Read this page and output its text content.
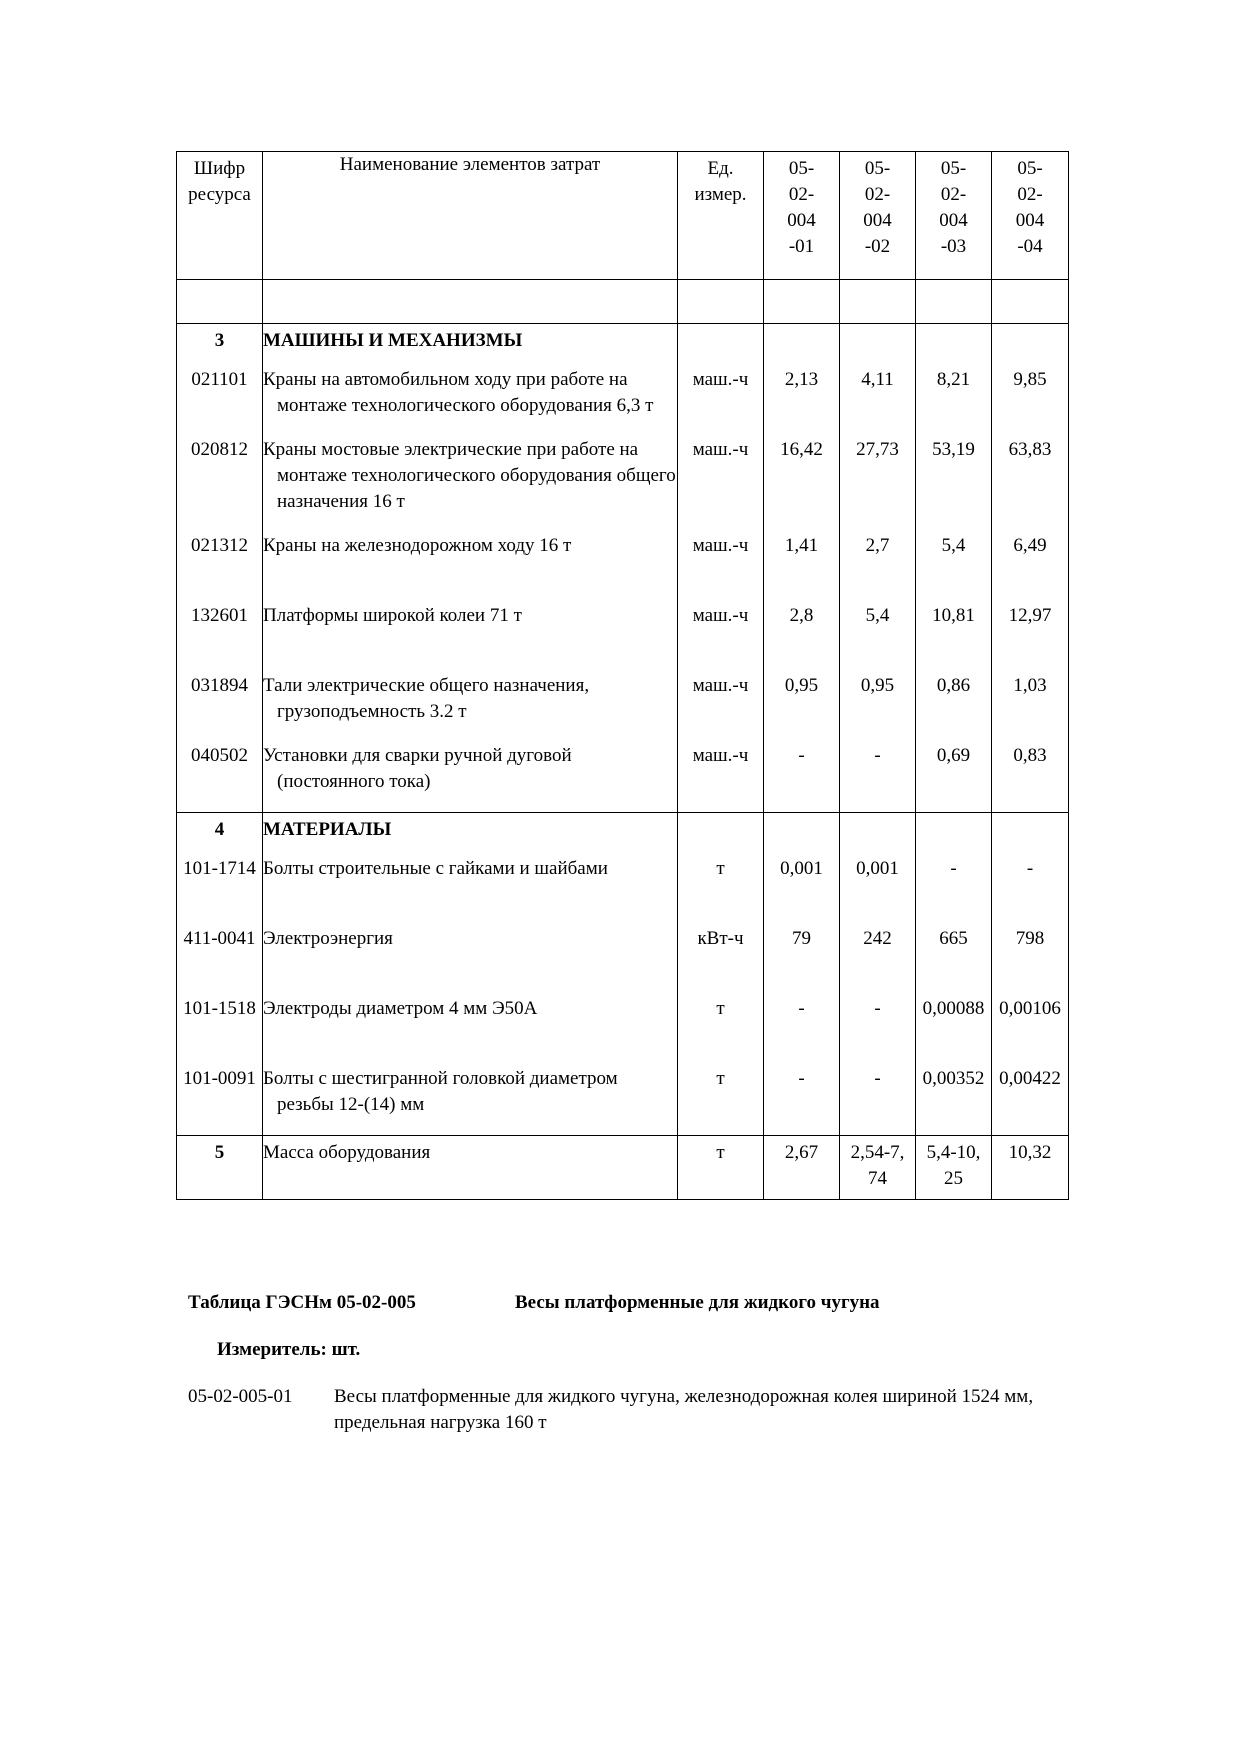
Шифр ресурса	Наименование элементов затрат	Ед. измер.	05-02-004-01	05-02-004-02	05-02-004-03	05-02-004-04

3	МАШИНЫ И МЕХАНИЗМЫ					
021101	Краны на автомобильном ходу при работе на монтаже технологического оборудования 6,3 т	маш.-ч	2,13	4,11	8,21	9,85
020812	Краны мостовые электрические при работе на монтаже технологического оборудования общего назначения 16 т	маш.-ч	16,42	27,73	53,19	63,83
021312	Краны на железнодорожном ходу 16 т	маш.-ч	1,41	2,7	5,4	6,49
132601	Платформы широкой колеи 71 т	маш.-ч	2,8	5,4	10,81	12,97
031894	Тали электрические общего назначения, грузоподъемность 3.2 т	маш.-ч	0,95	0,95	0,86	1,03
040502	Установки для сварки ручной дуговой (постоянного тока)	маш.-ч	-	-	0,69	0,83
4	МАТЕРИАЛЫ					
101-1714	Болты строительные с гайками и шайбами	т	0,001	0,001	-	-
411-0041	Электроэнергия	кВт-ч	79	242	665	798
101-1518	Электроды диаметром 4 мм Э50А	т	-	-	0,00088	0,00106
101-0091	Болты с шестигранной головкой диаметром резьбы 12-(14) мм	т	-	-	0,00352	0,00422
5	Масса оборудования	т	2,67	2,54-7,74	5,4-10,25	10,32
Таблица ГЭСНм 05-02-005	Весы платформенные для жидкого чугуна
Измеритель: шт.
05-02-005-01 Весы платформенные для жидкого чугуна, железнодорожная колея шириной 1524 мм, предельная нагрузка 160 т
